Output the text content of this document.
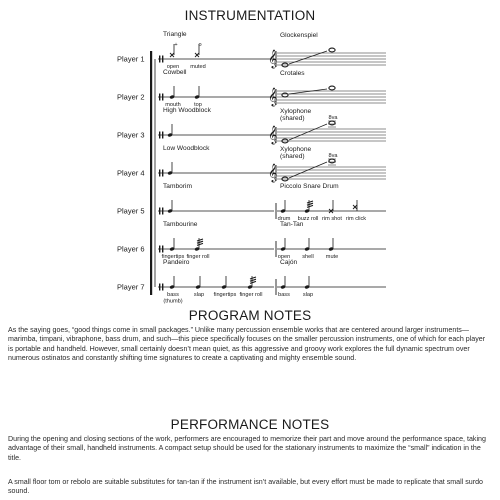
INSTRUMENTATION
Player 1
Triangle
𝄞
Glockenspiel
open muted
+	o
Player 2
Cowbell
𝄞
Crotales
mouth top
Player 3
High Woodblock
𝄞
Xylophone
(shared)	8va
Player 4
Low Woodblock
𝄞
Xylophone
(shared)	8va
Player 5
Tamborim	Piccolo Snare Drum
drum buzz roll rim shot rim click
Player 6
Tambourine	Tan-Tan
fingertips finger roll	open shell mute
Player 7
Pandeiro	Cajón
bass
(thumb)
slap fingertips finger roll	bass slap
PROGRAM NOTES
As the saying goes, “good things come in small packages.” Unlike many percussion ensemble works that are centered around larger instruments—marimba, timpani, vibraphone, bass drum, and such—this piece specifically focuses on the smaller percussion instruments, one of which for each player is portable and handheld. However, small certainly doesn’t mean quiet, as this aggressive and groovy work explores the full dynamic spectrum over numerous ostinatos and constantly shifting time signatures to create a captivating and mighty ensemble sound.
PERFORMANCE NOTES
During the opening and closing sections of the work, performers are encouraged to memorize their part and move around the performance space, taking advantage of their small, handheld instruments. A compact setup should be used for the stationary instruments to maximize the “small” indication in the title.
A small floor tom or rebolo are suitable substitutes for tan-tan if the instrument isn’t available, but every effort must be made to replicate that small surdo sound.
